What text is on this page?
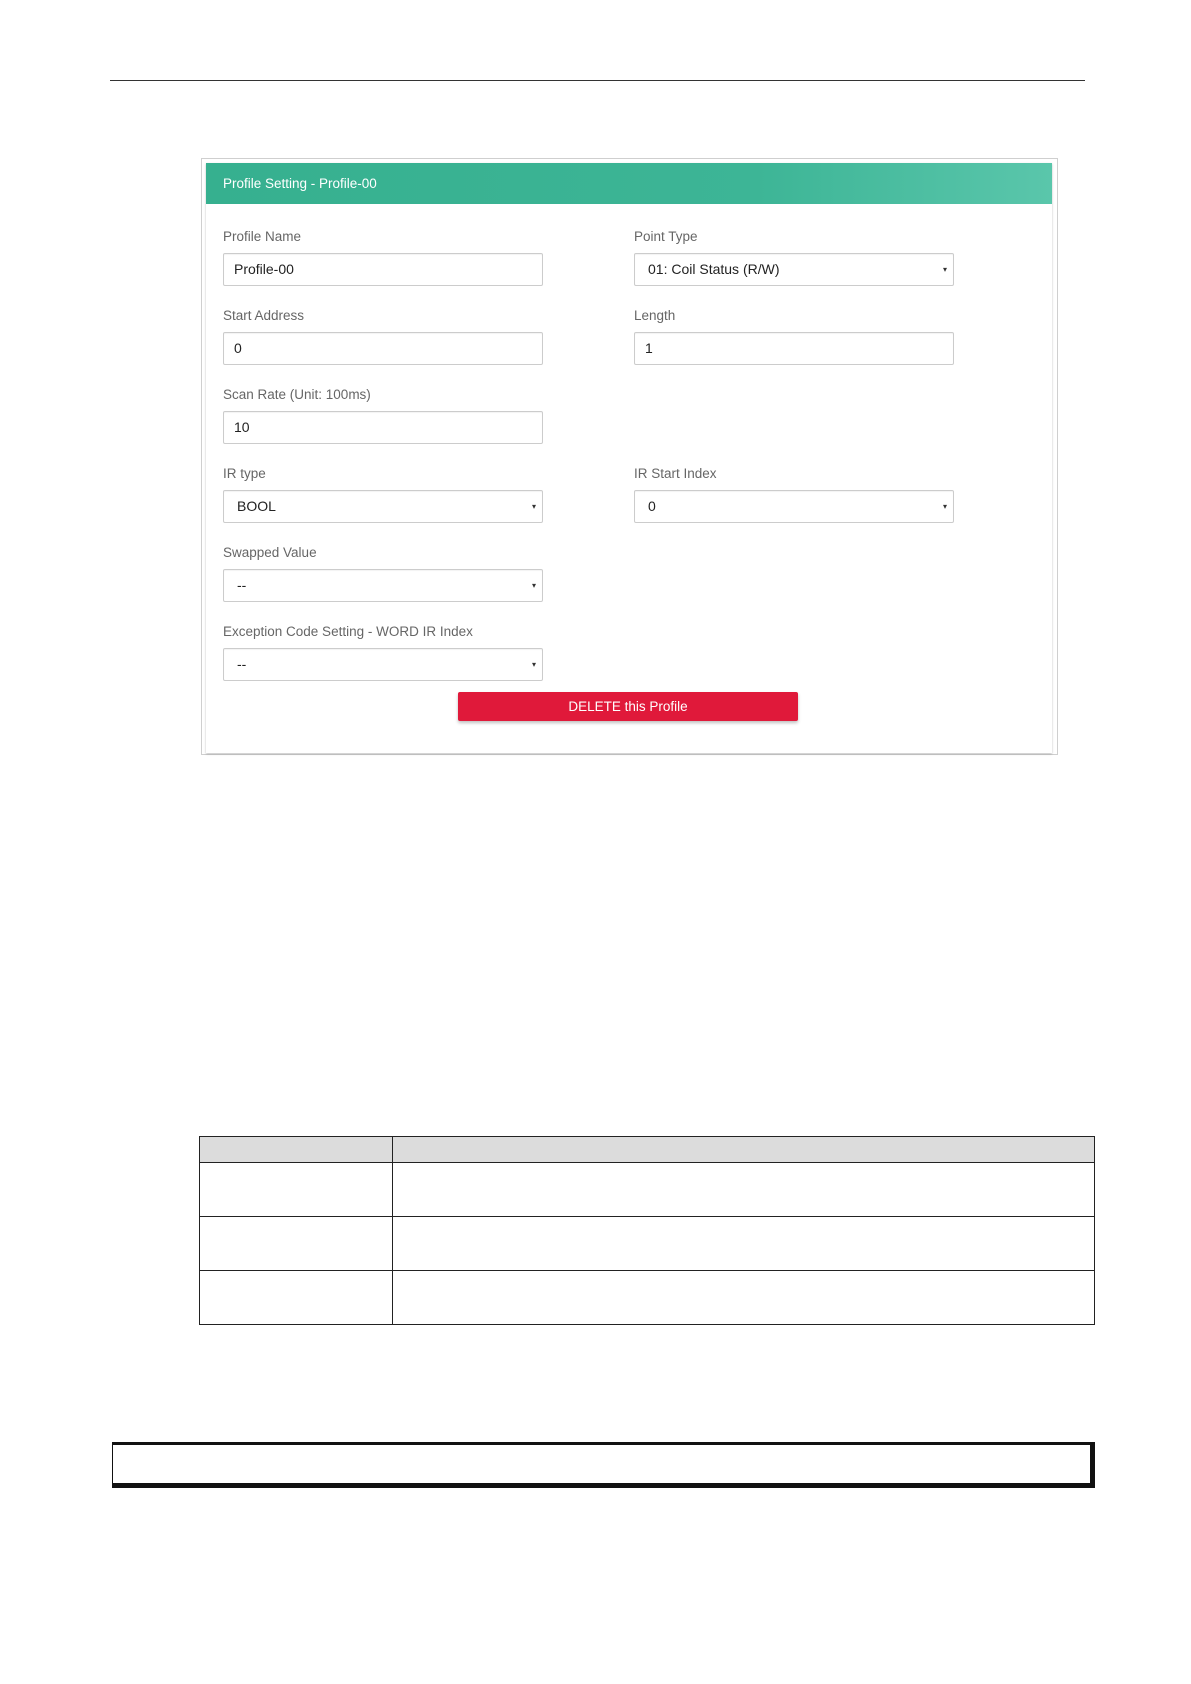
Profile Setting - Profile-00
Profile Name
Profile-00
Point Type
01: Coil Status (R/W)	▾
Start Address
0
Length
1
Scan Rate (Unit: 100ms)
10
IR type
BOOL	▾
IR Start Index
0	▾
Swapped Value
--	▾
Exception Code Setting - WORD IR Index
--	▾
DELETE this Profile
